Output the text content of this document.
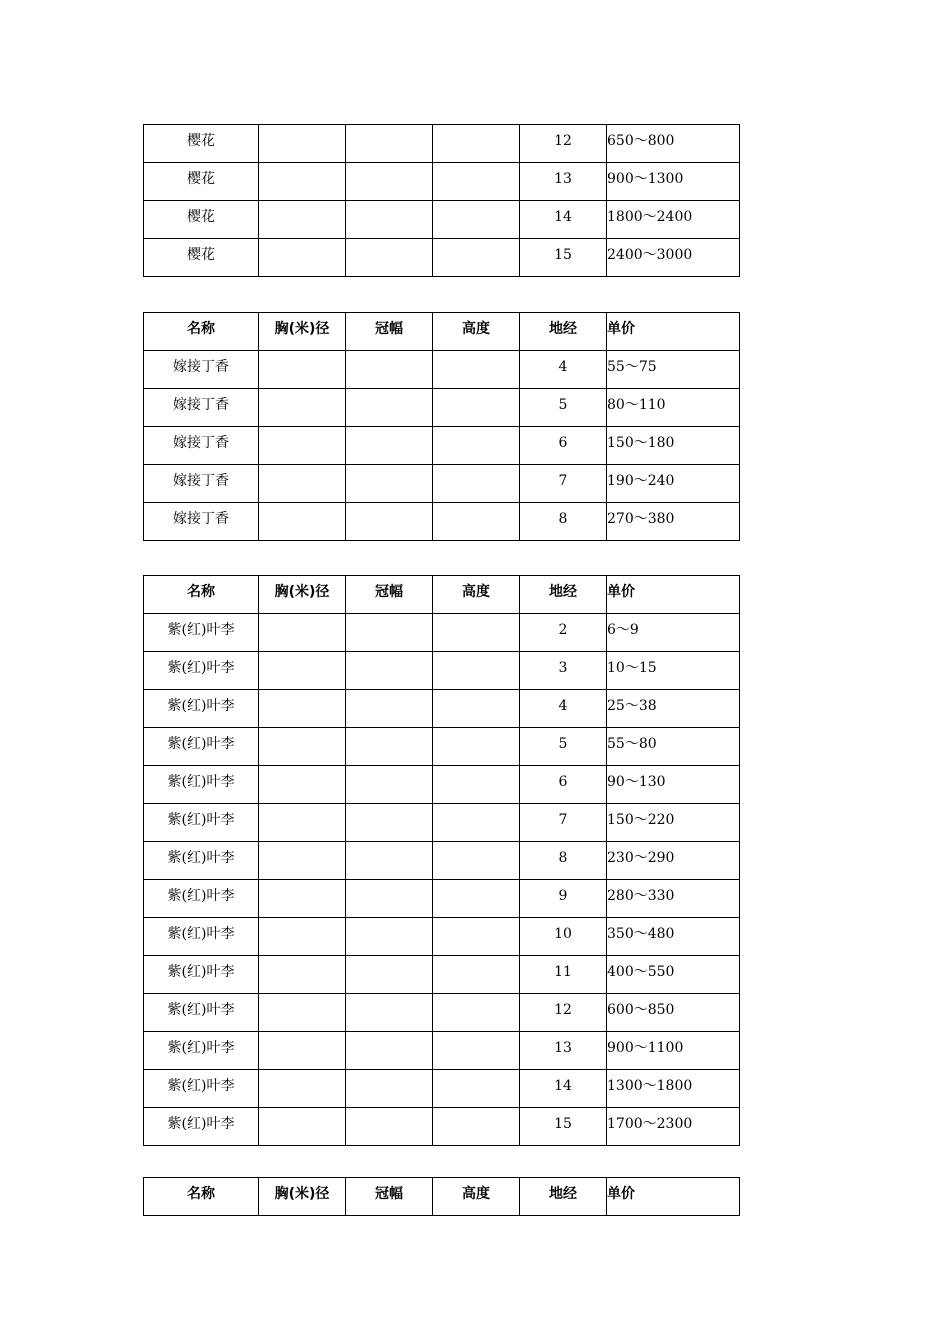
樱花				12	650～800

樱花				13	900～1300

樱花				14	1800～2400

樱花				15	2400～3000
名称	胸(米)径	冠幅	高度	地经	单价

嫁接丁香				4	55～75

嫁接丁香				5	80～110

嫁接丁香				6	150～180

嫁接丁香				7	190～240

嫁接丁香				8	270～380
名称	胸(米)径	冠幅	高度	地经	单价

紫(红)叶李				2	6～9

紫(红)叶李				3	10～15

紫(红)叶李				4	25～38

紫(红)叶李				5	55～80

紫(红)叶李				6	90～130

紫(红)叶李				7	150～220

紫(红)叶李				8	230～290

紫(红)叶李				9	280～330

紫(红)叶李				10	350～480

紫(红)叶李				11	400～550

紫(红)叶李				12	600～850

紫(红)叶李				13	900～1100

紫(红)叶李				14	1300～1800

紫(红)叶李				15	1700～2300
名称	胸(米)径	冠幅	高度	地经	单价
